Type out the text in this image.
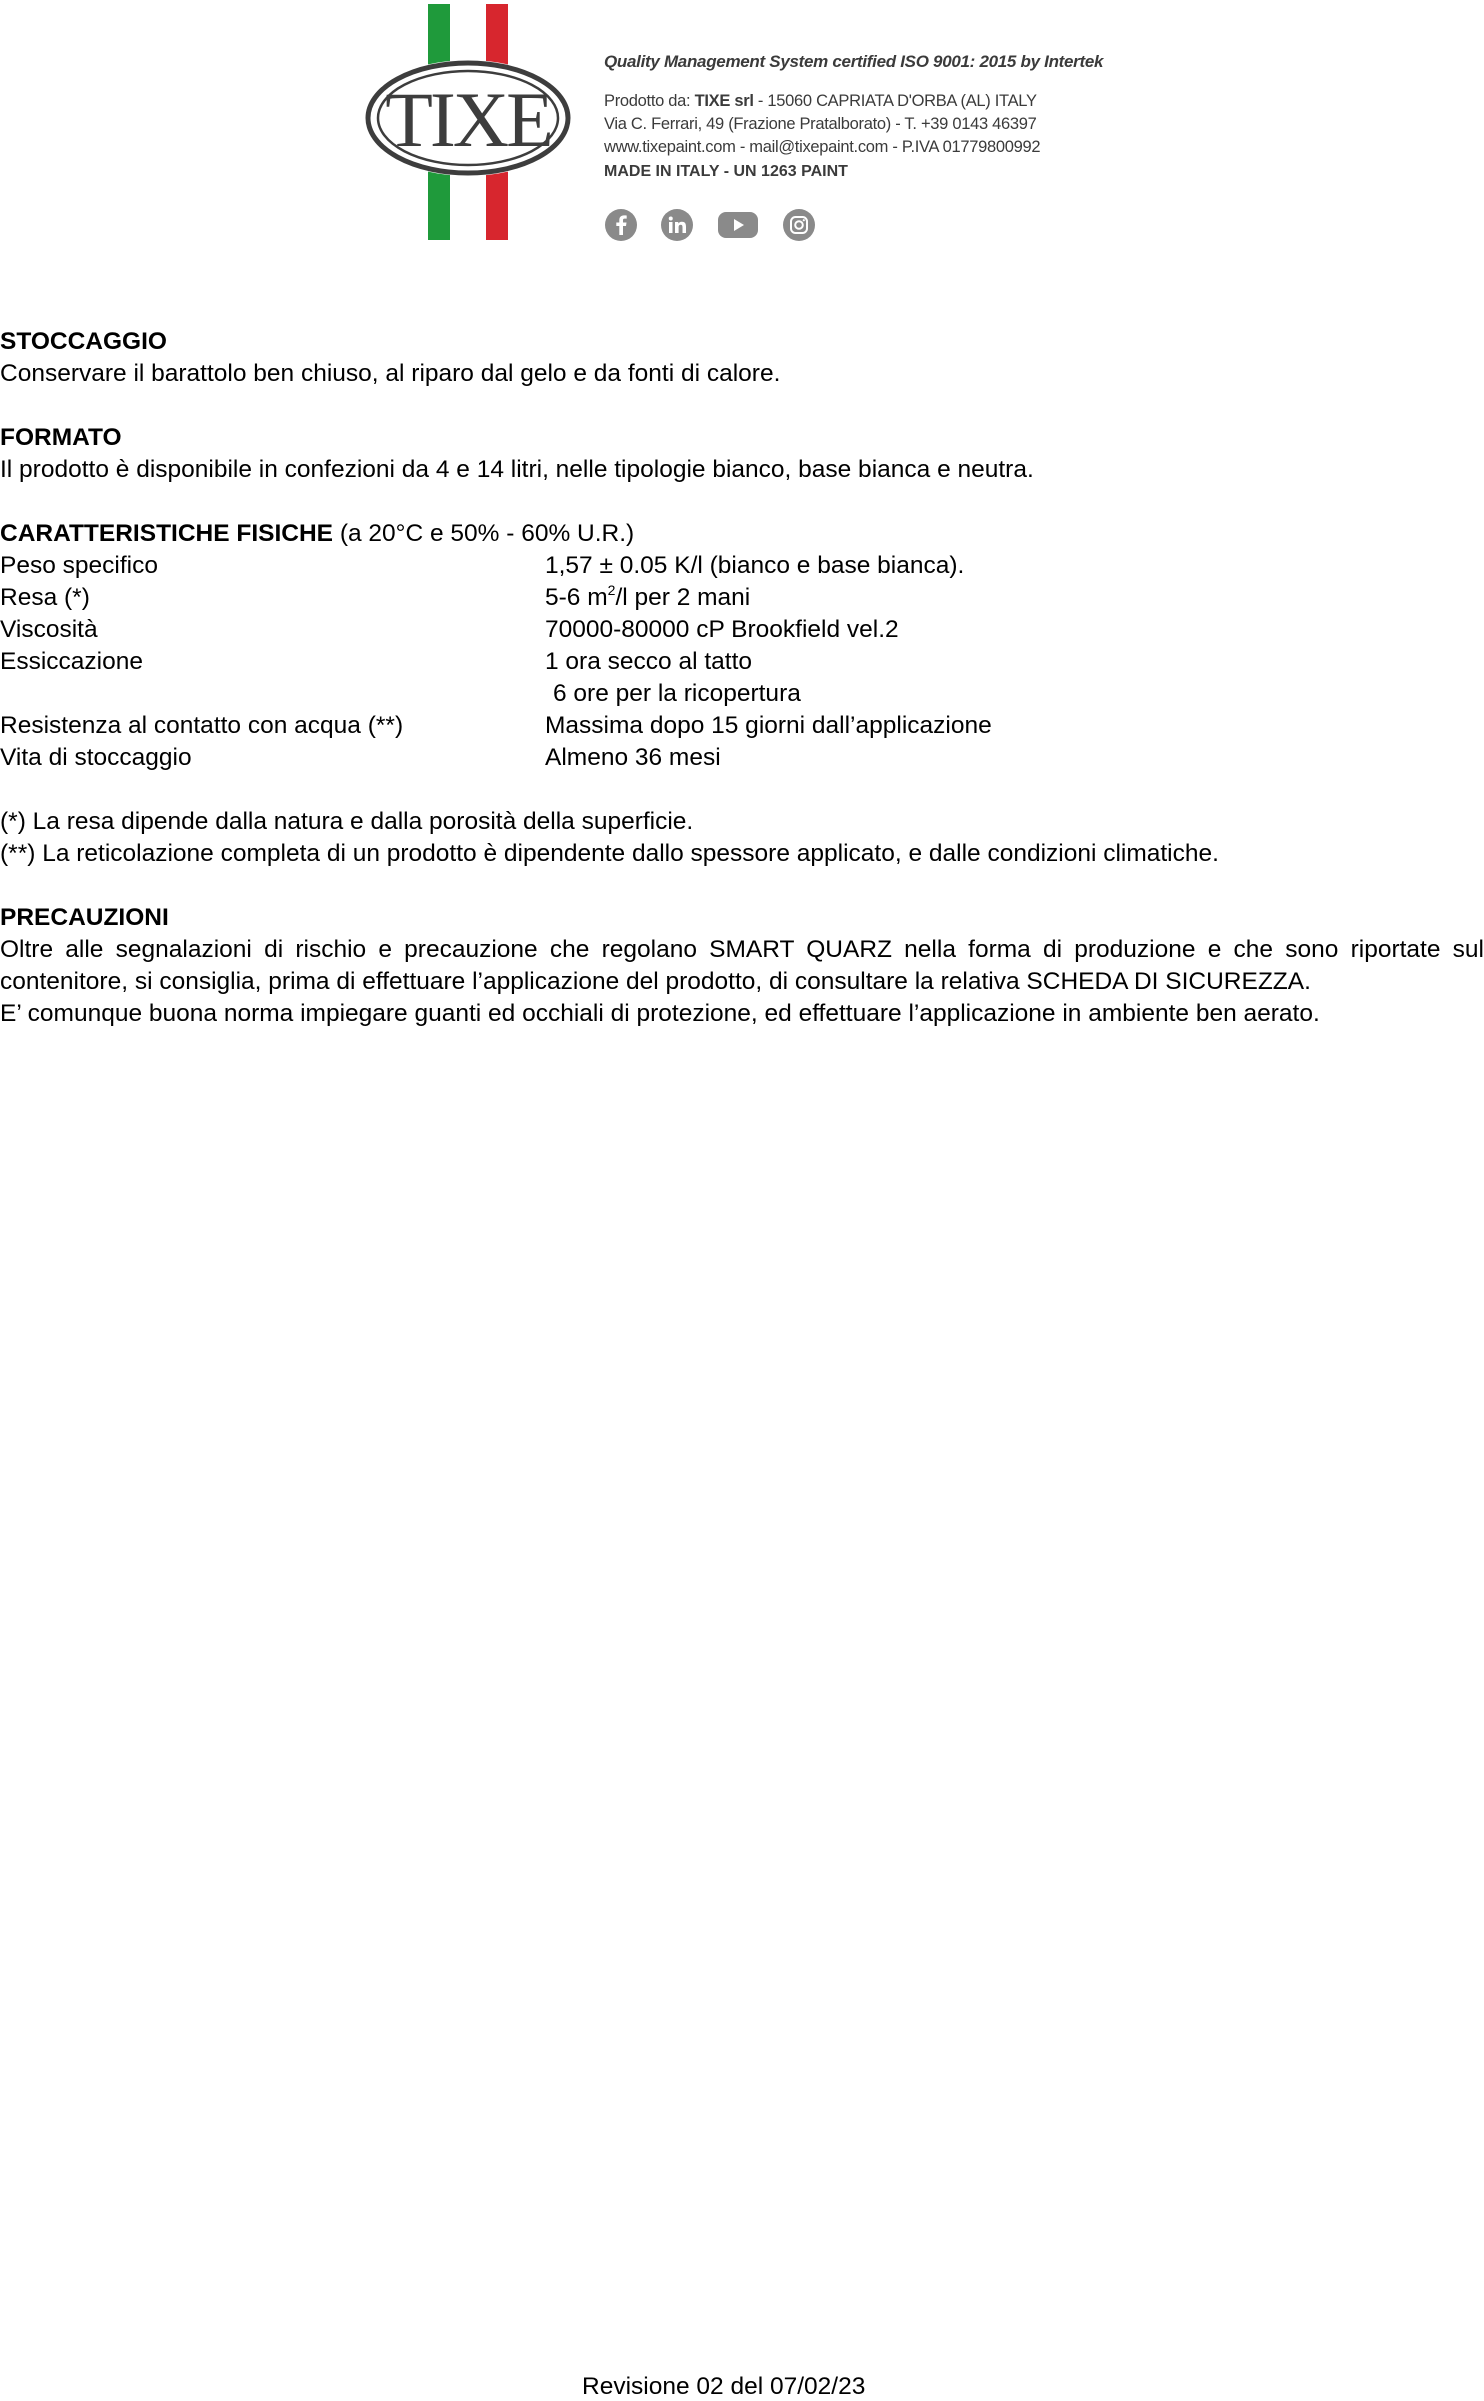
TIXE
Quality Management System certified ISO 9001: 2015 by Intertek
Prodotto da: TIXE srl - 15060 CAPRIATA D'ORBA (AL) ITALY
Via C. Ferrari, 49 (Frazione Pratalborato) - T. +39 0143 46397
www.tixepaint.com - mail@tixepaint.com - P.IVA 01779800992
MADE IN ITALY - UN 1263 PAINT
STOCCAGGIO
Conservare il barattolo ben chiuso, al riparo dal gelo e da fonti di calore.
FORMATO
Il prodotto è disponibile in confezioni da 4 e 14 litri, nelle tipologie bianco, base bianca e neutra.
CARATTERISTICHE FISICHE (a 20°C e 50% - 60% U.R.)
Peso specifico	1,57 ± 0.05 K/l (bianco e base bianca).
Resa (*)	5-6 $m^2/l$ per 2 mani
Viscosità	70000-80000 cP Brookfield vel.2
Essiccazione	1 ora secco al tatto
6 ore per la ricopertura
Resistenza al contatto con acqua (**)	Massima dopo 15 giorni dall’applicazione
Vita di stoccaggio	Almeno 36 mesi
(*) La resa dipende dalla natura e dalla porosità della superficie.
(**) La reticolazione completa di un prodotto è dipendente dallo spessore applicato, e dalle condizioni climatiche.
PRECAUZIONI
Oltre alle segnalazioni di rischio e precauzione che regolano SMART QUARZ nella forma di produzione e che sono riportate sul contenitore, si consiglia, prima di effettuare l’applicazione del prodotto, di consultare la relativa SCHEDA DI SICUREZZA.
E’ comunque buona norma impiegare guanti ed occhiali di protezione, ed effettuare l’applicazione in ambiente ben aerato.
Revisione 02 del 07/02/23
